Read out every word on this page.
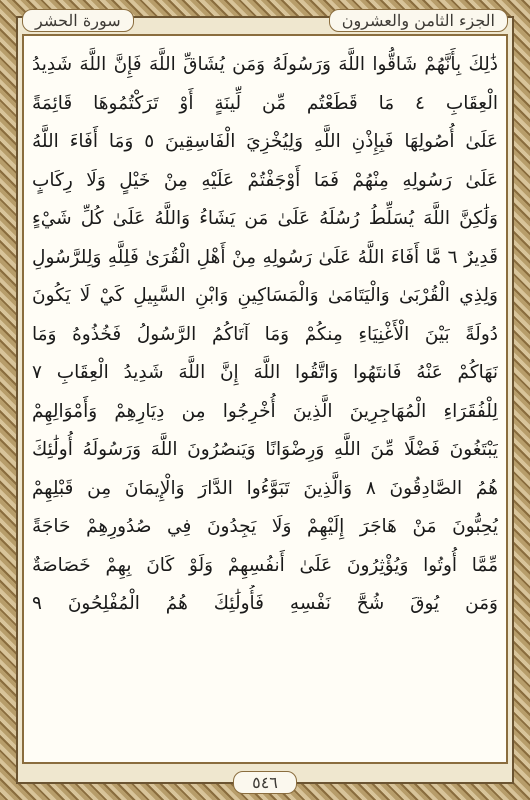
سورة الحشر	الجزء الثامن والعشرون
ذَٰلِكَ بِأَنَّهُمْ شَاقُّوا اللَّهَ وَرَسُولَهُ وَمَن يُشَاقِّ اللَّهَ فَإِنَّ اللَّهَ شَدِيدُ
الْعِقَابِ ٤ مَا قَطَعْتُم مِّن لِّينَةٍ أَوْ تَرَكْتُمُوهَا قَائِمَةً
عَلَىٰ أُصُولِهَا فَبِإِذْنِ اللَّهِ وَلِيُخْزِيَ الْفَاسِقِينَ ٥ وَمَا أَفَاءَ اللَّهُ
عَلَىٰ رَسُولِهِ مِنْهُمْ فَمَا أَوْجَفْتُمْ عَلَيْهِ مِنْ خَيْلٍ وَلَا رِكَابٍ
وَلَٰكِنَّ اللَّهَ يُسَلِّطُ رُسُلَهُ عَلَىٰ مَن يَشَاءُ وَاللَّهُ عَلَىٰ كُلِّ شَيْءٍ
قَدِيرٌ ٦ مَّا أَفَاءَ اللَّهُ عَلَىٰ رَسُولِهِ مِنْ أَهْلِ الْقُرَىٰ فَلِلَّهِ وَلِلرَّسُولِ
وَلِذِي الْقُرْبَىٰ وَالْيَتَامَىٰ وَالْمَسَاكِينِ وَابْنِ السَّبِيلِ كَيْ لَا يَكُونَ
دُولَةً بَيْنَ الْأَغْنِيَاءِ مِنكُمْ وَمَا آتَاكُمُ الرَّسُولُ فَخُذُوهُ وَمَا
نَهَاكُمْ عَنْهُ فَانتَهُوا وَاتَّقُوا اللَّهَ إِنَّ اللَّهَ شَدِيدُ الْعِقَابِ ٧
لِلْفُقَرَاءِ الْمُهَاجِرِينَ الَّذِينَ أُخْرِجُوا مِن دِيَارِهِمْ وَأَمْوَالِهِمْ
يَبْتَغُونَ فَضْلًا مِّنَ اللَّهِ وَرِضْوَانًا وَيَنصُرُونَ اللَّهَ وَرَسُولَهُ أُولَٰئِكَ
هُمُ الصَّادِقُونَ ٨ وَالَّذِينَ تَبَوَّءُوا الدَّارَ وَالْإِيمَانَ مِن قَبْلِهِمْ
يُحِبُّونَ مَنْ هَاجَرَ إِلَيْهِمْ وَلَا يَجِدُونَ فِي صُدُورِهِمْ حَاجَةً
مِّمَّا أُوتُوا وَيُؤْثِرُونَ عَلَىٰ أَنفُسِهِمْ وَلَوْ كَانَ بِهِمْ خَصَاصَةٌ
وَمَن يُوقَ شُحَّ نَفْسِهِ فَأُولَٰئِكَ هُمُ الْمُفْلِحُونَ ٩
٥٤٦
